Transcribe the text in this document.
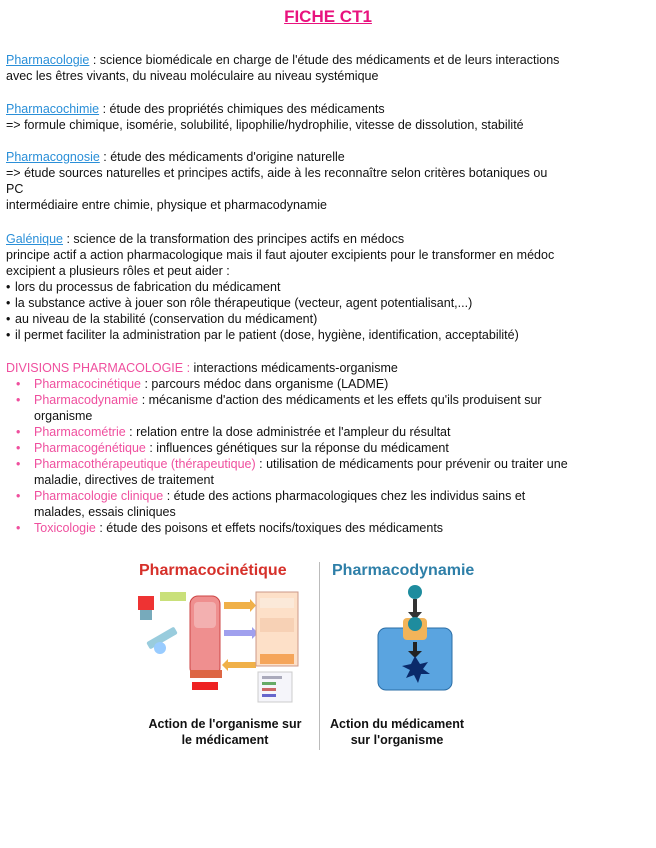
FICHE CT1
Pharmacologie : science biomédicale en charge de l'étude des médicaments et de leurs interactions
avec les êtres vivants, du niveau moléculaire au niveau systémique
Pharmacochimie : étude des propriétés chimiques des médicaments
=> formule chimique, isomérie, solubilité, lipophilie/hydrophilie, vitesse de dissolution, stabilité
Pharmacognosie : étude des médicaments d'origine naturelle
=> étude sources naturelles et principes actifs, aide à les reconnaître selon critères botaniques ou
PC
intermédiaire entre chimie, physique et pharmacodynamie
Galénique : science de la transformation des principes actifs en médocs
principe actif a action pharmacologique mais il faut ajouter excipients pour le transformer en médoc
excipient a plusieurs rôles et peut aider :
• lors du processus de fabrication du médicament
• la substance active à jouer son rôle thérapeutique (vecteur, agent potentialisant,...)
• au niveau de la stabilité (conservation du médicament)
• il permet faciliter la administration par le patient (dose, hygiène, identification, acceptabilité)
DIVISIONS PHARMACOLOGIE : interactions médicaments-organisme
• Pharmacocinétique : parcours médoc dans organisme (LADME)
• Pharmacodynamie : mécanisme d'action des médicaments et les effets qu'ils produisent sur
organisme
• Pharmacométrie : relation entre la dose administrée et l'ampleur du résultat
• Pharmacogénétique : influences génétiques sur la réponse du médicament
• Pharmacothérapeutique (thérapeutique) : utilisation de médicaments pour prévenir ou traiter une
maladie, directives de traitement
• Pharmacologie clinique : étude des actions pharmacologiques chez les individus sains et
malades, essais cliniques
• Toxicologie : étude des poisons et effets nocifs/toxiques des médicaments
Pharmacocinétique	Pharmacodynamie
Action de l'organisme sur
le médicament
Action du médicament
sur l'organisme
